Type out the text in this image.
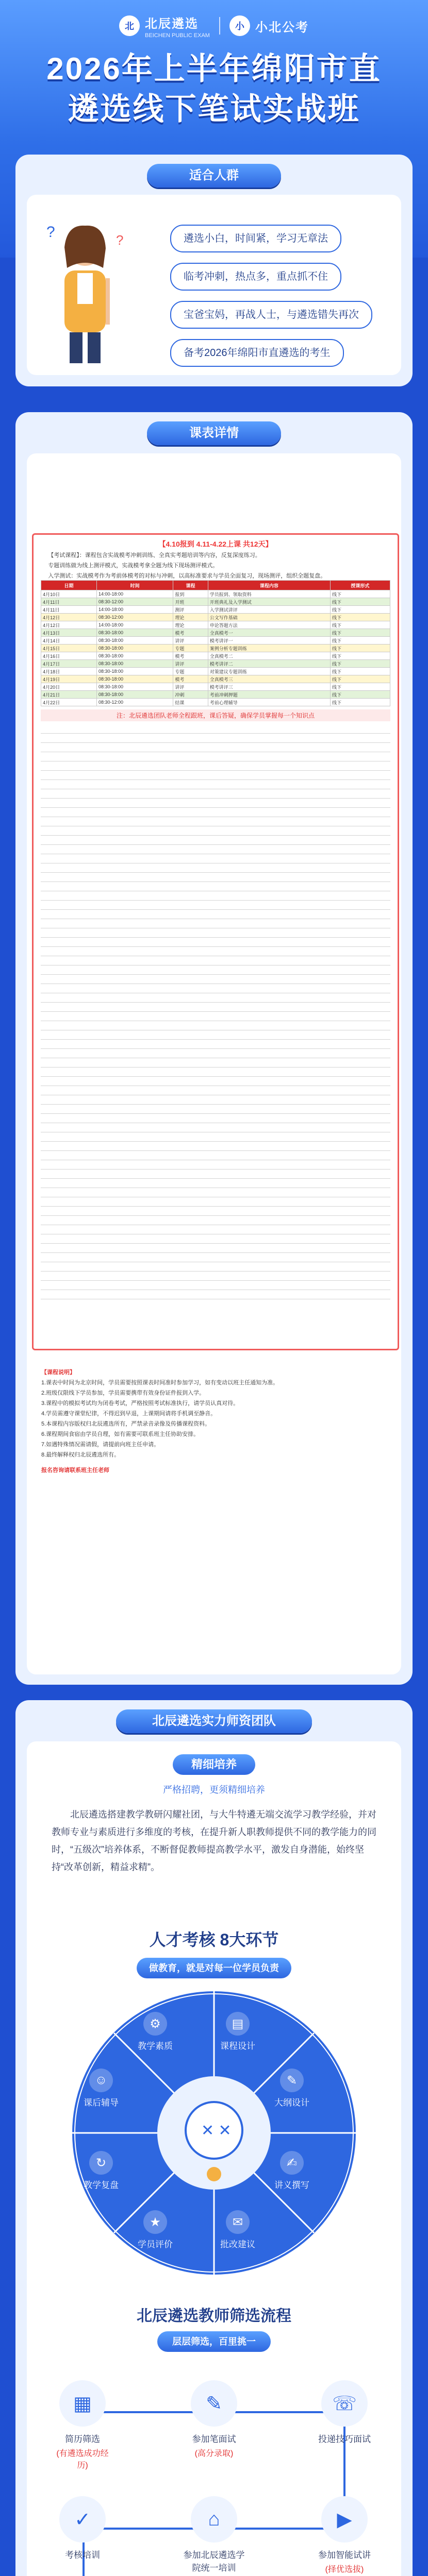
北 北辰遴选
BEICHEN PUBLIC EXAM
小 小北公考
2026年上半年绵阳市直
遴选线下笔试实战班
适合人群
?	?	遴选小白，时间紧，学习无章法
临考冲刺，热点多，重点抓不住
宝爸宝妈，再战人士，与遴选错失再次
备考2026年绵阳市直遴选的考生
课表详情
【4.10报到 4.11-4.22上课 共12天】
【考试课程】：课程包含实战模考冲刺训练、全真实考题培训等内容，反复深度练习。
专题训练做为线上测评模式，实战模考拿全题为线下现场测评模式。
入学测试：实战模考作为考前体模考的对标与冲刺，以高标准要求与学员全面复习，现场测评，组织全题复盘。
日期	时间	课程	课程内容	授课形式
4月10日	14:00-18:00	报到	学员报到、领取资料	线下
4月11日	08:30-12:00	开班	开班典礼及入学测试	线下
4月11日	14:00-18:00	测评	入学测试讲评	线下
4月12日	08:30-12:00	理论	公文写作基础	线下
4月12日	14:00-18:00	理论	申论答题方法	线下
4月13日	08:30-18:00	模考	全真模考一	线下
4月14日	08:30-18:00	讲评	模考讲评一	线下
4月15日	08:30-18:00	专题	案例分析专题训练	线下
4月16日	08:30-18:00	模考	全真模考二	线下
4月17日	08:30-18:00	讲评	模考讲评二	线下
4月18日	08:30-18:00	专题	对策建议专题训练	线下
4月19日	08:30-18:00	模考	全真模考三	线下
4月20日	08:30-18:00	讲评	模考讲评三	线下
4月21日	08:30-18:00	冲刺	考前冲刺押题	线下
4月22日	08:30-12:00	结课	考前心理辅导	线下
注：北辰遴选团队老师全程跟班，课后答疑，确保学员掌握每一个知识点
【课程说明】
1.课表中时间为北京时间，学员需要按照课表时间准时参加学习，如有变动以班主任通知为准。
2.班级仅限线下学员参加，学员需要携带有效身份证件报到入学。
3.课程中的模拟考试均为闭卷考试，严格按照考试标准执行，请学员认真对待。
4.学员需遵守课堂纪律，不得迟到早退，上课期间请将手机调至静音。
5.本课程内容版权归北辰遴选所有，严禁录音录像及传播课程资料。
6.课程期间食宿由学员自理，如有需要可联系班主任协助安排。
7.如遇特殊情况需请假，请提前向班主任申请。
8.最终解释权归北辰遴选所有。
报名咨询请联系班主任老师
北辰遴选实力师资团队
精细培养
严格招聘，更须精细培养
北辰遴选搭建教学教研闪耀社团，与大牛特遴无端交流学习教学经验，并对教师专业与素质进行多维度的考核，在提升新人职教师提供不同的教学能力的同时，“五级次”培养体系，不断督促教师提高教学水平，激发自身潜能，始终坚持“改革创新，精益求精”。
人才考核 8大环节
做教育，就是对每一位学员负责
✕ ✕
⚙
教学素质
▤
课程设计
✎
大纲设计
✍
讲义撰写
✉
批改建议
★
学员评价
↻
教学复盘
☺
课后辅导
北辰遴选教师筛选流程
层层筛选，百里挑一
▦
简历筛选
(有遴选成功经历)
✎
参加笔面试
(高分录取)
☏
投递技巧面试
✓
考核培训
⌂
参加北辰遴选学院统一培训
▶
参加智能试讲
(择优选拔)
